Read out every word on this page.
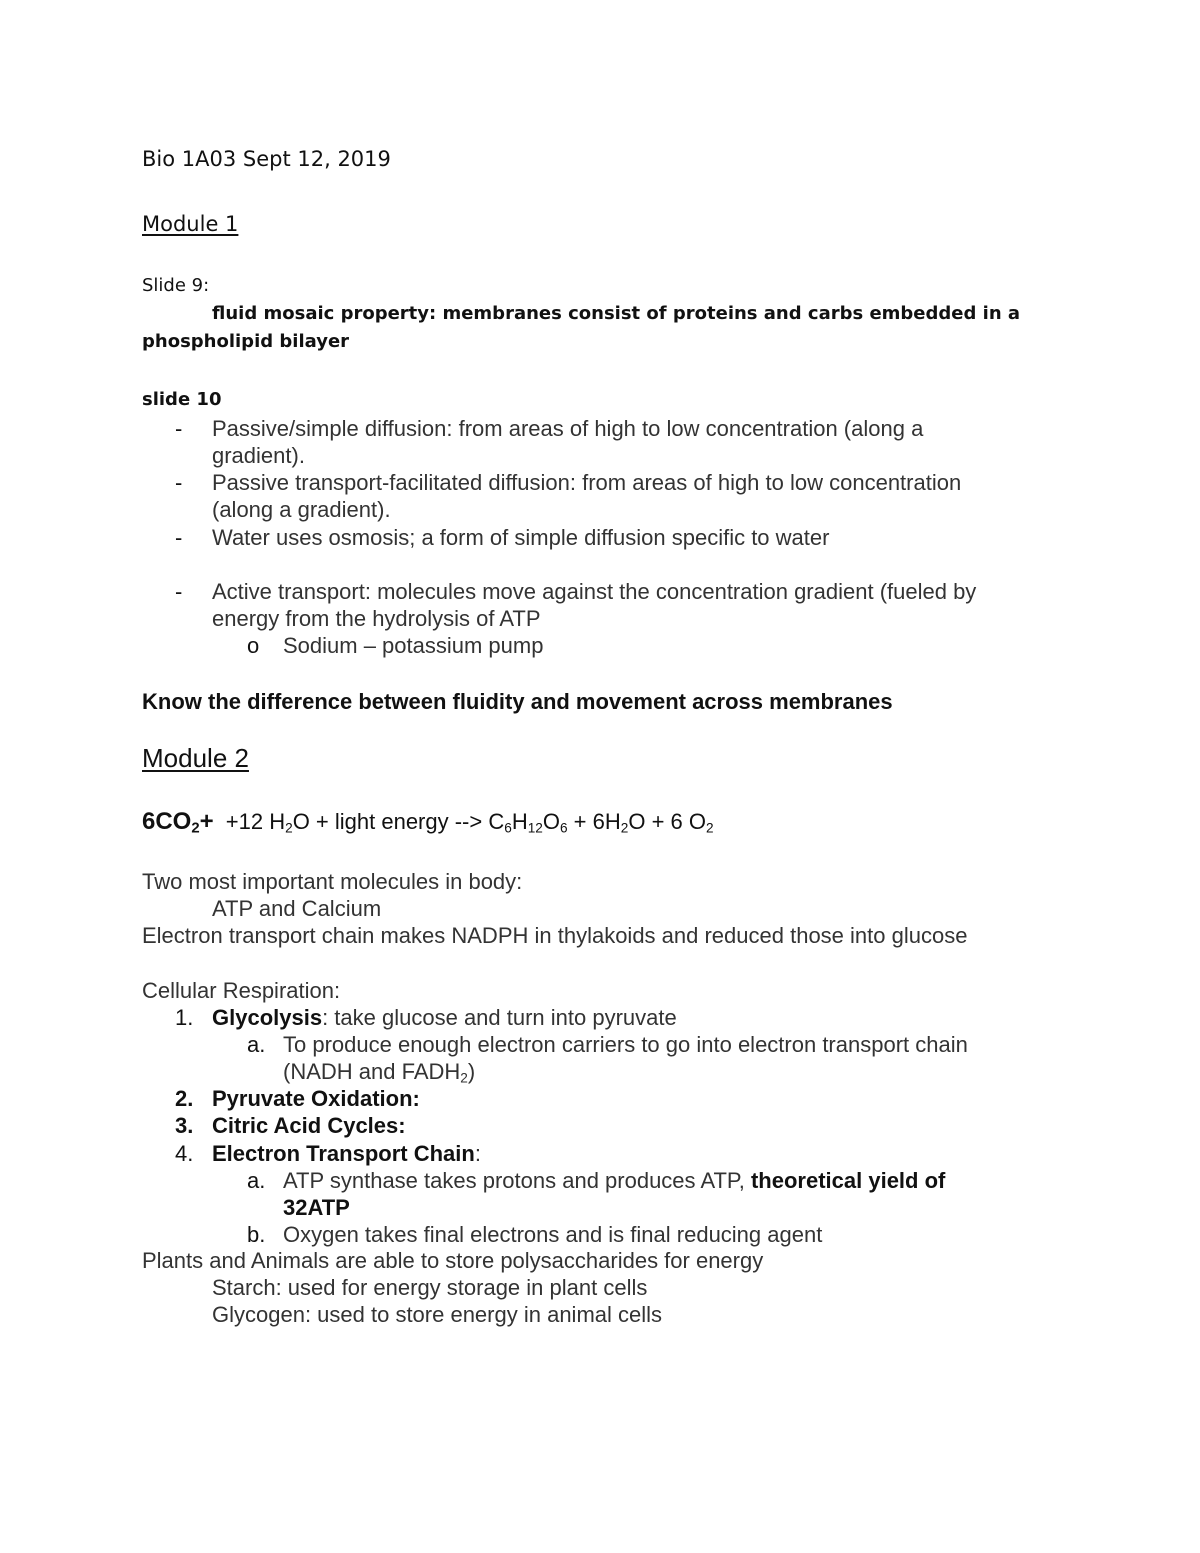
Bio 1A03 Sept 12, 2019
Module 1
Slide 9:
fluid mosaic property: membranes consist of proteins and carbs embedded in a
phospholipid bilayer
slide 10
- Passive/simple diffusion: from areas of high to low concentration (along a
gradient).
- Passive transport-facilitated diffusion: from areas of high to low concentration
(along a gradient).
- Water uses osmosis; a form of simple diffusion specific to water
- Active transport: molecules move against the concentration gradient (fueled by
energy from the hydrolysis of ATP
o Sodium – potassium pump
Know the difference between fluidity and movement across membranes
Module 2
$6CO_2+ +12$ $H_2O$ + light energy --> $C_6H_{12}O_6 + 6H_2O + 6$ $O_2$
Two most important molecules in body:
ATP and Calcium
Electron transport chain makes NADPH in thylakoids and reduced those into glucose
Cellular Respiration:
1. Glycolysis: take glucose and turn into pyruvate
a. To produce enough electron carriers to go into electron transport chain
(NADH and $FADH_2$)
2. Pyruvate Oxidation:
3. Citric Acid Cycles:
4. Electron Transport Chain:
a. ATP synthase takes protons and produces ATP, theoretical yield of
32ATP
b. Oxygen takes final electrons and is final reducing agent
Plants and Animals are able to store polysaccharides for energy
Starch: used for energy storage in plant cells
Glycogen: used to store energy in animal cells
